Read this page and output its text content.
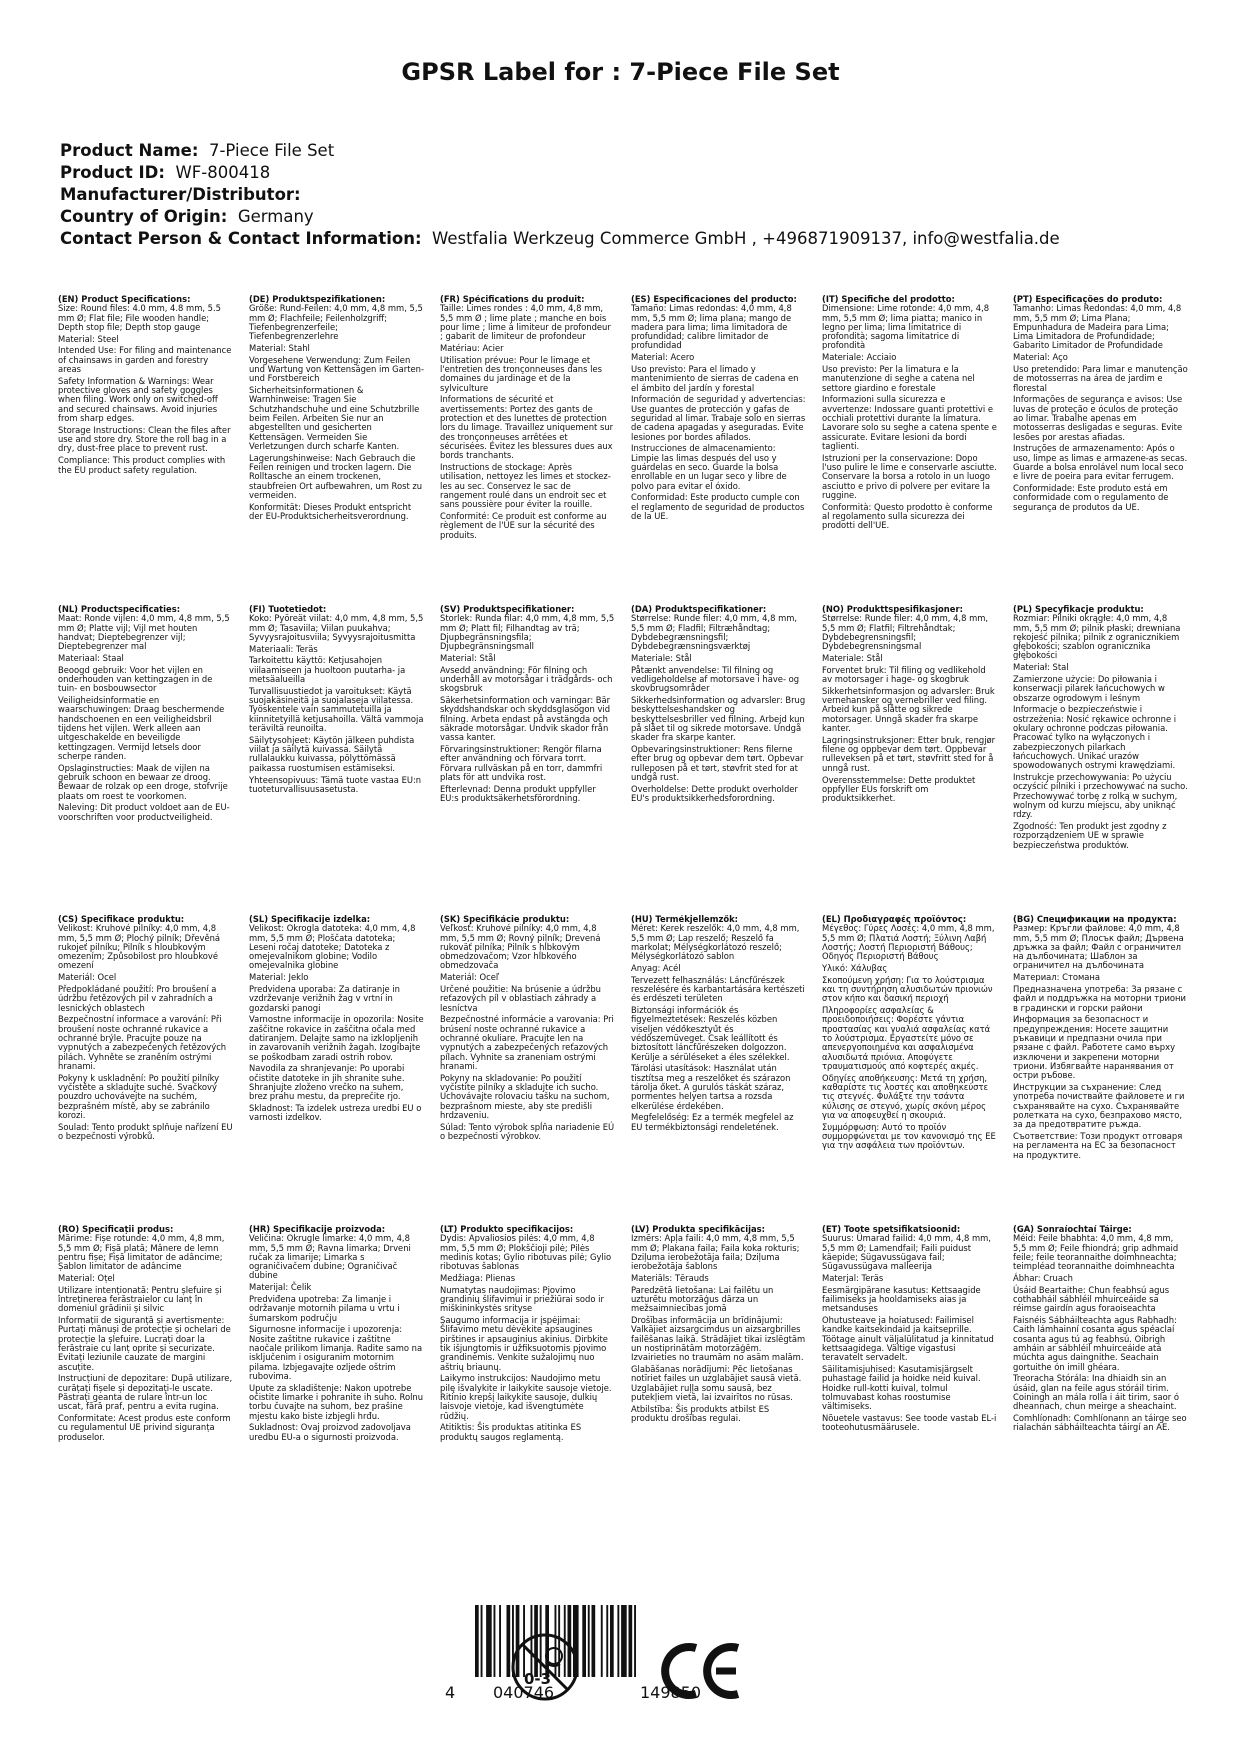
GPSR Label for : 7-Piece File Set
Product Name: 7-Piece File Set
Product ID: WF-800418
Manufacturer/Distributor:
Country of Origin: Germany
Contact Person & Contact Information: Westfalia Werkzeug Commerce GmbH , +496871909137, info@westfalia.de
(EN) Product Specifications:
Size: Round files: 4.0 mm, 4.8 mm, 5.5 mm Ø; Flat file; File wooden handle; Depth stop file; Depth stop gauge
Material: Steel
Intended Use: For filing and maintenance of chainsaws in garden and forestry areas
Safety Information & Warnings: Wear protective gloves and safety goggles when filing. Work only on switched-off and secured chainsaws. Avoid injuries from sharp edges.
Storage Instructions: Clean the files after use and store dry. Store the roll bag in a dry, dust-free place to prevent rust.
Compliance: This product complies with the EU product safety regulation.
(DE) Produktspezifikationen:
Größe: Rund-Feilen: 4,0 mm, 4,8 mm, 5,5 mm Ø; Flachfeile; Feilenholzgriff; Tiefenbegrenzerfeile; Tiefenbegrenzerlehre
Material: Stahl
Vorgesehene Verwendung: Zum Feilen und Wartung von Kettensägen im Garten- und Forstbereich
Sicherheitsinformationen & Warnhinweise: Tragen Sie Schutzhandschuhe und eine Schutzbrille beim Feilen. Arbeiten Sie nur an abgestellten und gesicherten Kettensägen. Vermeiden Sie Verletzungen durch scharfe Kanten.
Lagerungshinweise: Nach Gebrauch die Feilen reinigen und trocken lagern. Die Rolltasche an einem trockenen, staubfreien Ort aufbewahren, um Rost zu vermeiden.
Konformität: Dieses Produkt entspricht der EU-Produktsicherheitsverordnung.
(FR) Spécifications du produit:
Taille: Limes rondes : 4,0 mm, 4,8 mm, 5,5 mm Ø ; lime plate ; manche en bois pour lime ; lime à limiteur de profondeur ; gabarit de limiteur de profondeur
Matériau: Acier
Utilisation prévue: Pour le limage et l'entretien des tronçonneuses dans les domaines du jardinage et de la sylviculture
Informations de sécurité et avertissements: Portez des gants de protection et des lunettes de protection lors du limage. Travaillez uniquement sur des tronçonneuses arrêtées et sécurisées. Évitez les blessures dues aux bords tranchants.
Instructions de stockage: Après utilisation, nettoyez les limes et stockez-les au sec. Conservez le sac de rangement roulé dans un endroit sec et sans poussière pour éviter la rouille.
Conformité: Ce produit est conforme au règlement de l'UE sur la sécurité des produits.
(ES) Especificaciones del producto:
Tamaño: Limas redondas: 4,0 mm, 4,8 mm, 5,5 mm Ø; lima plana; mango de madera para lima; lima limitadora de profundidad; calibre limitador de profundidad
Material: Acero
Uso previsto: Para el limado y mantenimiento de sierras de cadena en el ámbito del jardín y forestal
Información de seguridad y advertencias: Use guantes de protección y gafas de seguridad al limar. Trabaje solo en sierras de cadena apagadas y aseguradas. Evite lesiones por bordes afilados.
Instrucciones de almacenamiento: Limpie las limas después del uso y guárdelas en seco. Guarde la bolsa enrollable en un lugar seco y libre de polvo para evitar el óxido.
Conformidad: Este producto cumple con el reglamento de seguridad de productos de la UE.
(IT) Specifiche del prodotto:
Dimensione: Lime rotonde: 4,0 mm, 4,8 mm, 5,5 mm Ø; lima piatta; manico in legno per lima; lima limitatrice di profondità; sagoma limitatrice di profondità
Materiale: Acciaio
Uso previsto: Per la limatura e la manutenzione di seghe a catena nel settore giardino e forestale
Informazioni sulla sicurezza e avvertenze: Indossare guanti protettivi e occhiali protettivi durante la limatura. Lavorare solo su seghe a catena spente e assicurate. Evitare lesioni da bordi taglienti.
Istruzioni per la conservazione: Dopo l'uso pulire le lime e conservarle asciutte. Conservare la borsa a rotolo in un luogo asciutto e privo di polvere per evitare la ruggine.
Conformità: Questo prodotto è conforme al regolamento sulla sicurezza dei prodotti dell'UE.
(PT) Especificações do produto:
Tamanho: Limas Redondas: 4,0 mm, 4,8 mm, 5,5 mm Ø; Lima Plana; Empunhadura de Madeira para Lima; Lima Limitadora de Profundidade; Gabarito Limitador de Profundidade
Material: Aço
Uso pretendido: Para limar e manutenção de motosserras na área de jardim e florestal
Informações de segurança e avisos: Use luvas de proteção e óculos de proteção ao limar. Trabalhe apenas em motosserras desligadas e seguras. Evite lesões por arestas afiadas.
Instruções de armazenamento: Após o uso, limpe as limas e armazene-as secas. Guarde a bolsa enrolável num local seco e livre de poeira para evitar ferrugem.
Conformidade: Este produto está em conformidade com o regulamento de segurança de produtos da UE.
(NL) Productspecificaties:
Maat: Ronde vijlen: 4,0 mm, 4,8 mm, 5,5 mm Ø; Platte vijl; Vijl met houten handvat; Dieptebegrenzer vijl; Dieptebegrenzer mal
Materiaal: Staal
Beoogd gebruik: Voor het vijlen en onderhouden van kettingzagen in de tuin- en bosbouwsector
Veiligheidsinformatie en waarschuwingen: Draag beschermende handschoenen en een veiligheidsbril tijdens het vijlen. Werk alleen aan uitgeschakelde en beveiligde kettingzagen. Vermijd letsels door scherpe randen.
Opslaginstructies: Maak de vijlen na gebruik schoon en bewaar ze droog. Bewaar de rolzak op een droge, stofvrije plaats om roest te voorkomen.
Naleving: Dit product voldoet aan de EU-voorschriften voor productveiligheid.
(FI) Tuotetiedot:
Koko: Pyöreät viilat: 4,0 mm, 4,8 mm, 5,5 mm Ø; Tasaviila; Viilan puukahva; Syvyysrajoitusviila; Syvyysrajoitusmitta
Materiaali: Teräs
Tarkoitettu käyttö: Ketjusahojen viilaamiseen ja huoltoon puutarha- ja metsäalueilla
Turvallisuustiedot ja varoitukset: Käytä suojakäsineitä ja suojalaseja viilatessa. Työskentele vain sammutetuilla ja kiinnitetyillä ketjusahoilla. Vältä vammoja teräviltä reunoilta.
Säilytysohjeet: Käytön jälkeen puhdista viilat ja säilytä kuivassa. Säilytä rullalaukku kuivassa, pölyttömässä paikassa ruostumisen estämiseksi.
Yhteensopivuus: Tämä tuote vastaa EU:n tuoteturvallisuusasetusta.
(SV) Produktspecifikationer:
Storlek: Runda filar: 4,0 mm, 4,8 mm, 5,5 mm Ø; Platt fil; Filhandtag av trä; Djupbegränsningsfila; Djupbegränsningsmall
Material: Stål
Avsedd användning: För filning och underhåll av motorsågar i trädgårds- och skogsbruk
Säkerhetsinformation och varningar: Bär skyddshandskar och skyddsglasögon vid filning. Arbeta endast på avstängda och säkrade motorsågar. Undvik skador från vassa kanter.
Förvaringsinstruktioner: Rengör filarna efter användning och förvara torrt. Förvara rullväskan på en torr, dammfri plats för att undvika rost.
Efterlevnad: Denna produkt uppfyller EU:s produktsäkerhetsförordning.
(DA) Produktspecifikationer:
Størrelse: Runde filer: 4,0 mm, 4,8 mm, 5,5 mm Ø; Fladfil; Filtræhåndtag; Dybdebegrænsningsfil; Dybdebegrænsningsværktøj
Materiale: Stål
Påtænkt anvendelse: Til filning og vedligeholdelse af motorsave i have- og skovbrugsområder
Sikkerhedsinformation og advarsler: Brug beskyttelseshandsker og beskyttelsesbriller ved filning. Arbejd kun på slået til og sikrede motorsave. Undgå skader fra skarpe kanter.
Opbevaringsinstruktioner: Rens filerne efter brug og opbevar dem tørt. Opbevar rulleposen på et tørt, støvfrit sted for at undgå rust.
Overholdelse: Dette produkt overholder EU's produktsikkerhedsforordning.
(NO) Produkttspesifikasjoner:
Størrelse: Runde filer: 4,0 mm, 4,8 mm, 5,5 mm Ø; Flatfil; Filtrehåndtak; Dybdebegrensningsfil; Dybdebegrensningsmal
Materiale: Stål
Forventet bruk: Til filing og vedlikehold av motorsager i hage- og skogbruk
Sikkerhetsinformasjon og advarsler: Bruk vernehansker og vernebriller ved filing. Arbeid kun på slåtte og sikrede motorsager. Unngå skader fra skarpe kanter.
Lagringsinstruksjoner: Etter bruk, rengjør filene og oppbevar dem tørt. Oppbevar rulleveksen på et tørt, støvfritt sted for å unngå rust.
Overensstemmelse: Dette produktet oppfyller EUs forskrift om produktsikkerhet.
(PL) Specyfikacje produktu:
Rozmiar: Pilniki okrągłe: 4,0 mm, 4,8 mm, 5,5 mm Ø; pilnik płaski; drewniana rękojeść pilnika; pilnik z ogranicznikiem głębokości; szablon ogranicznika głębokości
Materiał: Stal
Zamierzone użycie: Do piłowania i konserwacji pilarek łańcuchowych w obszarze ogrodowym i leśnym
Informacje o bezpieczeństwie i ostrzeżenia: Nosić rękawice ochronne i okulary ochronne podczas piłowania. Pracować tylko na wyłączonych i zabezpieczonych pilarkach łańcuchowych. Unikać urazów spowodowanych ostrymi krawędziami.
Instrukcje przechowywania: Po użyciu oczyścić pilniki i przechowywać na sucho. Przechowywać torbę z rolką w suchym, wolnym od kurzu miejscu, aby uniknąć rdzy.
Zgodność: Ten produkt jest zgodny z rozporządzeniem UE w sprawie bezpieczeństwa produktów.
(CS) Specifikace produktu:
Velikost: Kruhové pilníky: 4,0 mm, 4,8 mm, 5,5 mm Ø; Plochý pilník; Dřevěná rukojeť pilníku; Pilník s hloubkovým omezením; Způsobilost pro hloubkové omezení
Materiál: Ocel
Předpokládané použití: Pro broušení a údržbu řetězových pil v zahradních a lesnických oblastech
Bezpečnostní informace a varování: Při broušení noste ochranné rukavice a ochranné brýle. Pracujte pouze na vypnutých a zabezpečených řetězových pilách. Vyhněte se zraněním ostrými hranami.
Pokyny k uskladnění: Po použití pilníky vyčistěte a skladujte suché. Svačkový pouzdro uchovávejte na suchém, bezprašném místě, aby se zabránilo korozi.
Soulad: Tento produkt splňuje nařízení EU o bezpečnosti výrobků.
(SL) Specifikacije izdelka:
Velikost: Okrogla datoteka: 4,0 mm, 4,8 mm, 5,5 mm Ø; Ploščata datoteka; Leseni ročaj datoteke; Datoteka z omejevalnikom globine; Vodilo omejevalnika globine
Material: Jeklo
Predvidena uporaba: Za datiranje in vzdrževanje verižnih žag v vrtni in gozdarski panogi
Varnostne informacije in opozorila: Nosite zaščitne rokavice in zaščitna očala med datiranjem. Delajte samo na izklopljenih in zavarovanih verižnih žagah. Izogibajte se poškodbam zaradi ostrih robov.
Navodila za shranjevanje: Po uporabi očistite datoteke in jih shranite suhe. Shranjujte zloženo vrečko na suhem, brez prahu mestu, da preprečite rjo.
Skladnost: Ta izdelek ustreza uredbi EU o varnosti izdelkov.
(SK) Špecifikácie produktu:
Veľkosť: Kruhové pilníky: 4,0 mm, 4,8 mm, 5,5 mm Ø; Rovný pilník; Drevená rukoväť pilníka; Pilník s hĺbkovým obmedzovačom; Vzor hĺbkového obmedzovača
Materiál: Oceľ
Určené použitie: Na brúsenie a údržbu reťazových píl v oblastiach záhrady a lesníctva
Bezpečnostné informácie a varovania: Pri brúsení noste ochranné rukavice a ochranné okuliare. Pracujte len na vypnutých a zabezpečených reťazových pílach. Vyhnite sa zraneniam ostrými hranami.
Pokyny na skladovanie: Po použití vyčistite pilníky a skladujte ich sucho. Uchovávajte rolovaciu tašku na suchom, bezprašnom mieste, aby ste predišli hrdzaveniu.
Súlad: Tento výrobok spĺňa nariadenie EÚ o bezpečnosti výrobkov.
(HU) Termékjellemzők:
Méret: Kerek reszelők: 4,0 mm, 4,8 mm, 5,5 mm Ø; Lap reszelő; Reszelő fa markolat; Mélységkorlátozó reszelő; Mélységkorlátozó sablon
Anyag: Acél
Tervezett felhasználás: Láncfűrészek reszelésére és karbantartására kertészeti és erdészeti területen
Biztonsági információk és figyelmeztetések: Reszelés közben viseljen védőkesztyűt és védőszemüveget. Csak leállított és biztosított láncfűrészeken dolgozzon. Kerülje a sérüléseket a éles szélekkel.
Tárolási utasítások: Használat után tisztítsa meg a reszelőket és szárazon tárolja őket. A gurulós táskát száraz, pormentes helyen tartsa a rozsda elkerülése érdekében.
Megfelelőség: Ez a termék megfelel az EU termékbiztonsági rendeletének.
(EL) Προδιαγραφές προϊόντος:
Μέγεθος: Γύρες Λοσές: 4,0 mm, 4,8 mm, 5,5 mm Ø; Πλατιά Λοστή; Ξύλινη Λαβή Λοστής; Λοστή Περιοριστή Βάθους; Οδηγός Περιοριστή Βάθους
Υλικό: Χάλυβας
Σκοπούμενη χρήση: Για το λούστρισμα και τη συντήρηση αλυσιδωτών πριονιών στον κήπο και δασική περιοχή
Πληροφορίες ασφαλείας & προειδοποιήσεις: Φορέστε γάντια προστασίας και γυαλιά ασφαλείας κατά το λούστρισμα. Εργαστείτε μόνο σε απενεργοποιημένα και ασφαλισμένα αλυσιδωτά πριόνια. Αποφύγετε τραυματισμούς από κοφτερές ακμές.
Οδηγίες αποθήκευσης: Μετά τη χρήση, καθαρίστε τις λοστές και αποθηκεύστε τις στεγνές. Φυλάξτε την τσάντα κύλισης σε στεγνό, χωρίς σκόνη μέρος για να αποφευχθεί η σκουριά.
Συμμόρφωση: Αυτό το προϊόν συμμορφώνεται με τον κανονισμό της ΕΕ για την ασφάλεια των προϊόντων.
(BG) Спецификации на продукта:
Размер: Кръгли файлове: 4,0 mm, 4,8 mm, 5,5 mm Ø; Плосък файл; Дървена дръжка за файл; Файл с ограничител на дълбочината; Шаблон за ограничител на дълбочината
Материал: Стомана
Предназначена употреба: За рязане с файл и поддръжка на моторни триони в градински и горски райони
Информация за безопасност и предупреждения: Носете защитни ръкавици и предпазни очила при рязане с файл. Работете само върху изключени и закрепени моторни триони. Избягвайте наранявания от остри ръбове.
Инструкции за съхранение: След употреба почиствайте файловете и ги съхранявайте на сухо. Съхранявайте ролетката на сухо, безпрахово място, за да предотвратите ръжда.
Съответствие: Този продукт отговаря на регламента на ЕС за безопасност на продуктите.
(RO) Specificații produs:
Mărime: Fișe rotunde: 4,0 mm, 4,8 mm, 5,5 mm Ø; Fișă plată; Mânere de lemn pentru fișe; Fișă limitator de adâncime; Șablon limitator de adâncime
Material: Oțel
Utilizare intenționată: Pentru șlefuire și întreținerea ferăstraielor cu lanț în domeniul grădinii și silvic
Informații de siguranță și avertismente: Purtați mănuși de protecție și ochelari de protecție la șlefuire. Lucrați doar la ferăstraie cu lanț oprite și securizate. Evitați leziunile cauzate de margini ascuțite.
Instrucțiuni de depozitare: După utilizare, curățați fișele și depozitați-le uscate. Păstrați geanta de rulare într-un loc uscat, fără praf, pentru a evita rugina.
Conformitate: Acest produs este conform cu regulamentul UE privind siguranța produselor.
(HR) Specifikacije proizvoda:
Veličina: Okrugle limarke: 4,0 mm, 4,8 mm, 5,5 mm Ø; Ravna limarka; Drveni ručak za limarije; Limarka s ograničivačem dubine; Ograničivač dubine
Materijal: Čelik
Predviđena upotreba: Za limanje i održavanje motornih pilama u vrtu i šumarskom području
Sigurnosne informacije i upozorenja: Nosite zaštitne rukavice i zaštitne naočale prilikom limanja. Radite samo na isključenim i osiguranim motornim pilama. Izbjegavajte ozljede oštrim rubovima.
Upute za skladištenje: Nakon upotrebe očistite limarke i pohranite ih suho. Rolnu torbu čuvajte na suhom, bez prašine mjestu kako biste izbjegli hrđu.
Sukladnost: Ovaj proizvod zadovoljava uredbu EU-a o sigurnosti proizvoda.
(LT) Produkto specifikacijos:
Dydis: Apvaliosios pilės: 4,0 mm, 4,8 mm, 5,5 mm Ø; Plokščioji pilė; Pilės medinis kotas; Gylio ribotuvas pilė; Gylio ribotuvas šablonas
Medžiaga: Plienas
Numatytas naudojimas: Pjovimo grandinių šlifavimui ir priežiūrai sodo ir miškininkystės srityse
Saugumo informacija ir įspėjimai: Šlifavimo metu dėvėkite apsaugines pirštines ir apsauginius akinius. Dirbkite tik išjungtomis ir užfiksuotomis pjovimo grandinėmis. Venkite sužalojimų nuo aštrių briaunų.
Laikymo instrukcijos: Naudojimo metu pilę išvalykite ir laikykite sausoje vietoje. Ritinio krepšį laikykite sausoje, dulkių laisvoje vietoje, kad išvengtumėte rūdžių.
Atitiktis: Šis produktas atitinka ES produktų saugos reglamentą.
(LV) Produkta specifikācijas:
Izmērs: Apļa faili: 4,0 mm, 4,8 mm, 5,5 mm Ø; Plakana faila; Faila koka rokturis; Dziļuma ierobežotāja faila; Dziļuma ierobežotāja šablons
Materiāls: Tērauds
Paredzētā lietošana: Lai failētu un uzturētu motorzāģus dārza un mežsaimniecības jomā
Drošības informācija un brīdinājumi: Valkājiet aizsargcimdus un aizsargbrilles failēšanas laikā. Strādājiet tikai izslēgtām un nostiprinātām motorzāģēm. Izvairieties no traumām no asām malām.
Glabāšanas norādījumi: Pēc lietošanas notīriet failes un uzglabājiet sausā vietā. Uzglabājiet ruļļa somu sausā, bez putekļiem vietā, lai izvairītos no rūsas.
Atbilstība: Šis produkts atbilst ES produktu drošības regulai.
(ET) Toote spetsifikatsioonid:
Suurus: Ümarad failid: 4,0 mm, 4,8 mm, 5,5 mm Ø; Lamendfail; Faili puidust käepide; Sügavussügava fail; Sügavussügava malleerija
Materjal: Teräs
Eesmärgipärane kasutus: Kettsaagide failimiseks ja hooldamiseks aias ja metsanduses
Ohutusteave ja hoiatused: Failimisel kandke kaitsekindaid ja kaitseprille. Töötage ainult väljalülitatud ja kinnitatud kettsaagidega. Vältige vigastusi teravatelt servadelt.
Säilitamisjuhised: Kasutamisjärgselt puhastage failid ja hoidke neid kuival. Hoidke rull-kotti kuival, tolmul tolmuvabast kohas roostumise vältimiseks.
Nõuetele vastavus: See toode vastab EL-i tooteohutusmäärusele.
(GA) Sonraíochtaí Táirge:
Méid: Feile bhabhta: 4,0 mm, 4,8 mm, 5,5 mm Ø; Feile fhiondrá; grip adhmaid feile; feile teorannaithe doimhneachta; teimpléad teorannaithe doimhneachta
Ábhar: Cruach
Úsáid Beartaithe: Chun feabhsú agus cothabháil sábhléil mhuirceáide sa réimse gairdín agus foraoiseachta
Faisnéis Sábháilteachta agus Rabhadh: Caith lámhainní cosanta agus spéaclaí cosanta agus tú ag feabhsú. Oibrigh amháin ar sábhléil mhuirceáide atá múchta agus daingnithe. Seachain gortuithe ón imill ghéara.
Treoracha Stórála: Ina dhiaidh sin an úsáid, glan na feile agus stóráil tirim. Coiningh an mála rolla i áit tirim, saor ó dheannach, chun meirge a sheachaint.
Comhlíonadh: Comhlíonann an táirge seo rialachán sábháilteachta táirgí an AE.
4 040746	149850
0-3
